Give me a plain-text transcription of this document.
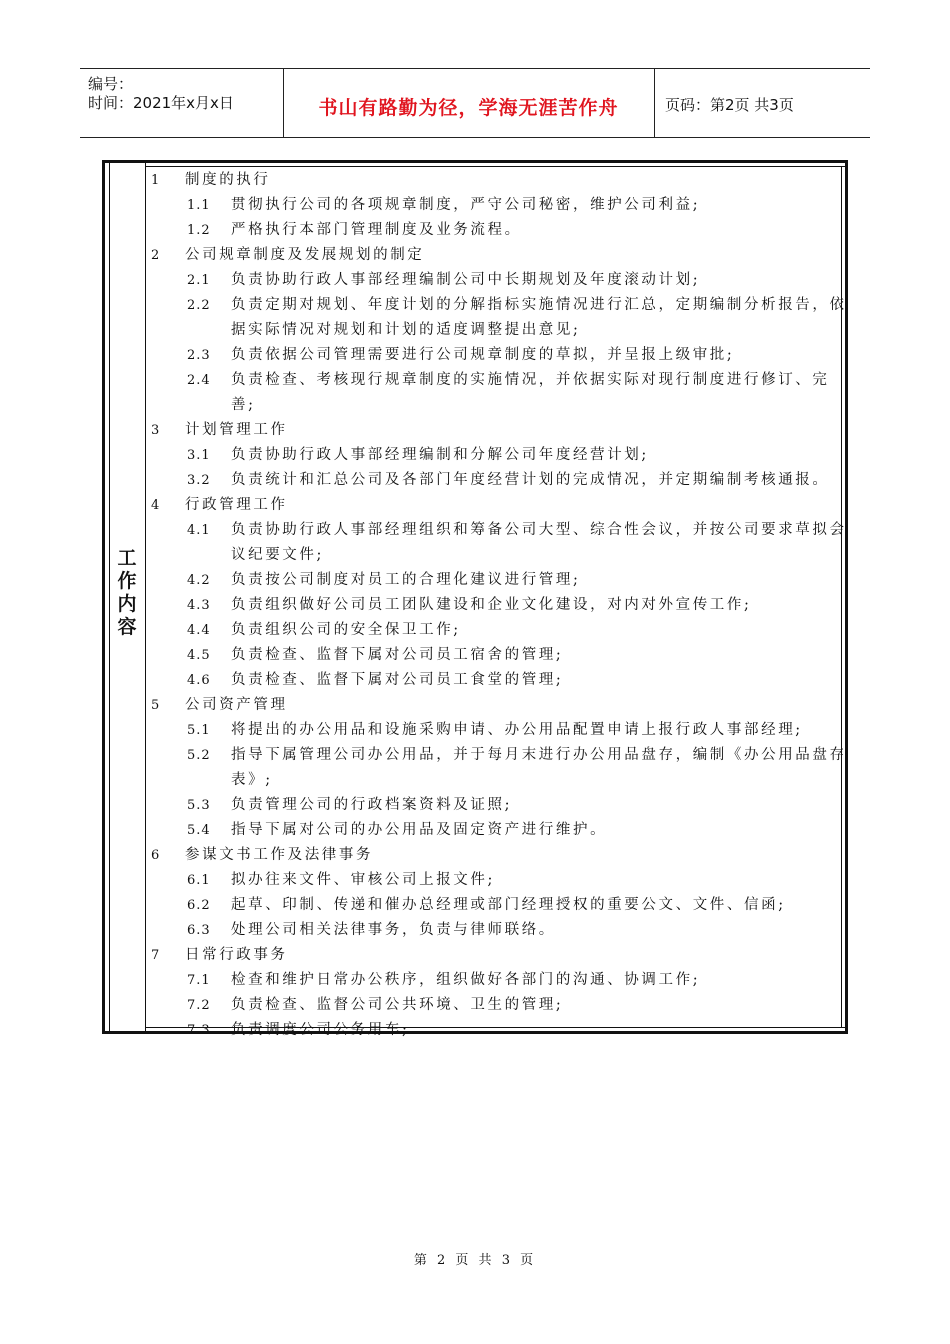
编号：
时间：2021年x月x日	书山有路勤为径，学海无涯苦作舟	页码：第2页 共3页
工
作
内
容
1 制度的执行
1.1 贯彻执行公司的各项规章制度，严守公司秘密，维护公司利益;
1.2 严格执行本部门管理制度及业务流程。
2 公司规章制度及发展规划的制定
2.1 负责协助行政人事部经理编制公司中长期规划及年度滚动计划;
2.2 负责定期对规划、年度计划的分解指标实施情况进行汇总，定期编制分析报告，依
据实际情况对规划和计划的适度调整提出意见;
2.3 负责依据公司管理需要进行公司规章制度的草拟，并呈报上级审批;
2.4 负责检查、考核现行规章制度的实施情况，并依据实际对现行制度进行修订、完
善;
3 计划管理工作
3.1 负责协助行政人事部经理编制和分解公司年度经营计划;
3.2 负责统计和汇总公司及各部门年度经营计划的完成情况，并定期编制考核通报。
4 行政管理工作
4.1 负责协助行政人事部经理组织和筹备公司大型、综合性会议，并按公司要求草拟会
议纪要文件;
4.2 负责按公司制度对员工的合理化建议进行管理;
4.3 负责组织做好公司员工团队建设和企业文化建设，对内对外宣传工作;
4.4 负责组织公司的安全保卫工作;
4.5 负责检查、监督下属对公司员工宿舍的管理;
4.6 负责检查、监督下属对公司员工食堂的管理;
5 公司资产管理
5.1 将提出的办公用品和设施采购申请、办公用品配置申请上报行政人事部经理;
5.2 指导下属管理公司办公用品，并于每月末进行办公用品盘存，编制《办公用品盘存
表》;
5.3 负责管理公司的行政档案资料及证照;
5.4 指导下属对公司的办公用品及固定资产进行维护。
6 参谋文书工作及法律事务
6.1 拟办往来文件、审核公司上报文件;
6.2 起草、印制、传递和催办总经理或部门经理授权的重要公文、文件、信函;
6.3 处理公司相关法律事务，负责与律师联络。
7 日常行政事务
7.1 检查和维护日常办公秩序，组织做好各部门的沟通、协调工作;
7.2 负责检查、监督公司公共环境、卫生的管理;
7.3 负责调度公司公务用车;
第 2 页 共 3 页
